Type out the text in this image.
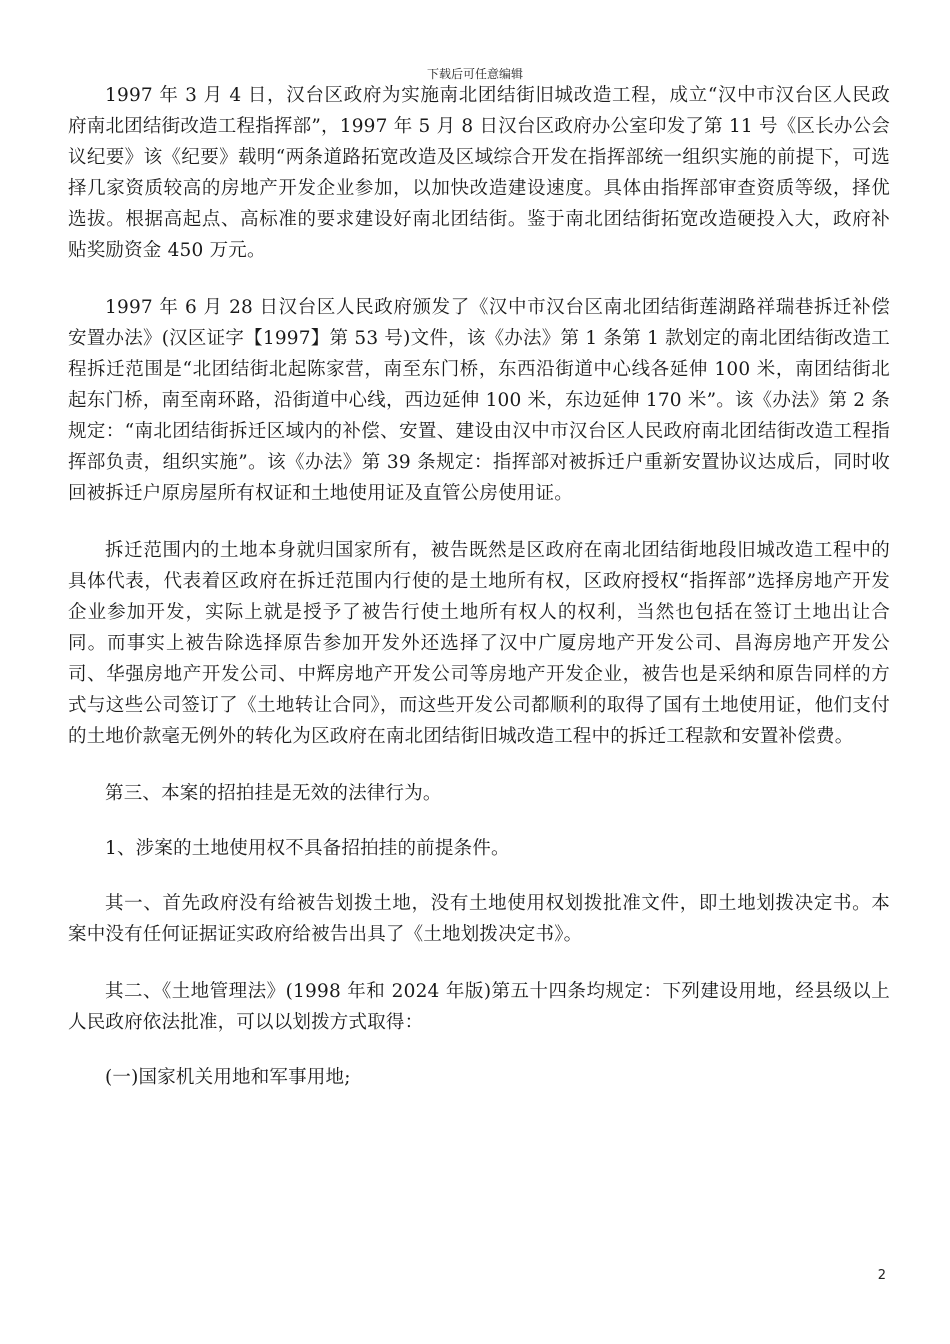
下载后可任意编辑

1997 年 3 月 4 日，汉台区政府为实施南北团结街旧城改造工程，成立“汉中市汉台区人民政府南北团结街改造工程指挥部”，1997 年 5 月 8 日汉台区政府办公室印发了第 11 号《区长办公会议纪要》该《纪要》载明“两条道路拓宽改造及区域综合开发在指挥部统一组织实施的前提下，可选择几家资质较高的房地产开发企业参加，以加快改造建设速度。具体由指挥部审查资质等级，择优选拔。根据高起点、高标准的要求建设好南北团结街。鉴于南北团结街拓宽改造硬投入大，政府补贴奖励资金 450 万元。

1997 年 6 月 28 日汉台区人民政府颁发了《汉中市汉台区南北团结街莲湖路祥瑞巷拆迁补偿安置办法》(汉区证字【1997】第 53 号)文件，该《办法》第 1 条第 1 款划定的南北团结街改造工程拆迁范围是“北团结街北起陈家营，南至东门桥，东西沿街道中心线各延伸 100 米，南团结街北起东门桥，南至南环路，沿街道中心线，西边延伸 100 米，东边延伸 170 米”。该《办法》第 2 条规定：“南北团结街拆迁区域内的补偿、安置、建设由汉中市汉台区人民政府南北团结街改造工程指挥部负责，组织实施”。该《办法》第 39 条规定：指挥部对被拆迁户重新安置协议达成后，同时收回被拆迁户原房屋所有权证和土地使用证及直管公房使用证。

拆迁范围内的土地本身就归国家所有，被告既然是区政府在南北团结街地段旧城改造工程中的具体代表，代表着区政府在拆迁范围内行使的是土地所有权，区政府授权“指挥部”选择房地产开发企业参加开发，实际上就是授予了被告行使土地所有权人的权利，当然也包括在签订土地出让合同。而事实上被告除选择原告参加开发外还选择了汉中广厦房地产开发公司、昌海房地产开发公司、华强房地产开发公司、中辉房地产开发公司等房地产开发企业，被告也是采纳和原告同样的方式与这些公司签订了《土地转让合同》，而这些开发公司都顺利的取得了国有土地使用证，他们支付的土地价款毫无例外的转化为区政府在南北团结街旧城改造工程中的拆迁工程款和安置补偿费。

第三、本案的招拍挂是无效的法律行为。

1、涉案的土地使用权不具备招拍挂的前提条件。

其一、首先政府没有给被告划拨土地，没有土地使用权划拨批准文件，即土地划拨决定书。本案中没有任何证据证实政府给被告出具了《土地划拨决定书》。

其二、《土地管理法》(1998 年和 2024 年版)第五十四条均规定：下列建设用地，经县级以上人民政府依法批准，可以以划拨方式取得：

(一)国家机关用地和军事用地;

2
